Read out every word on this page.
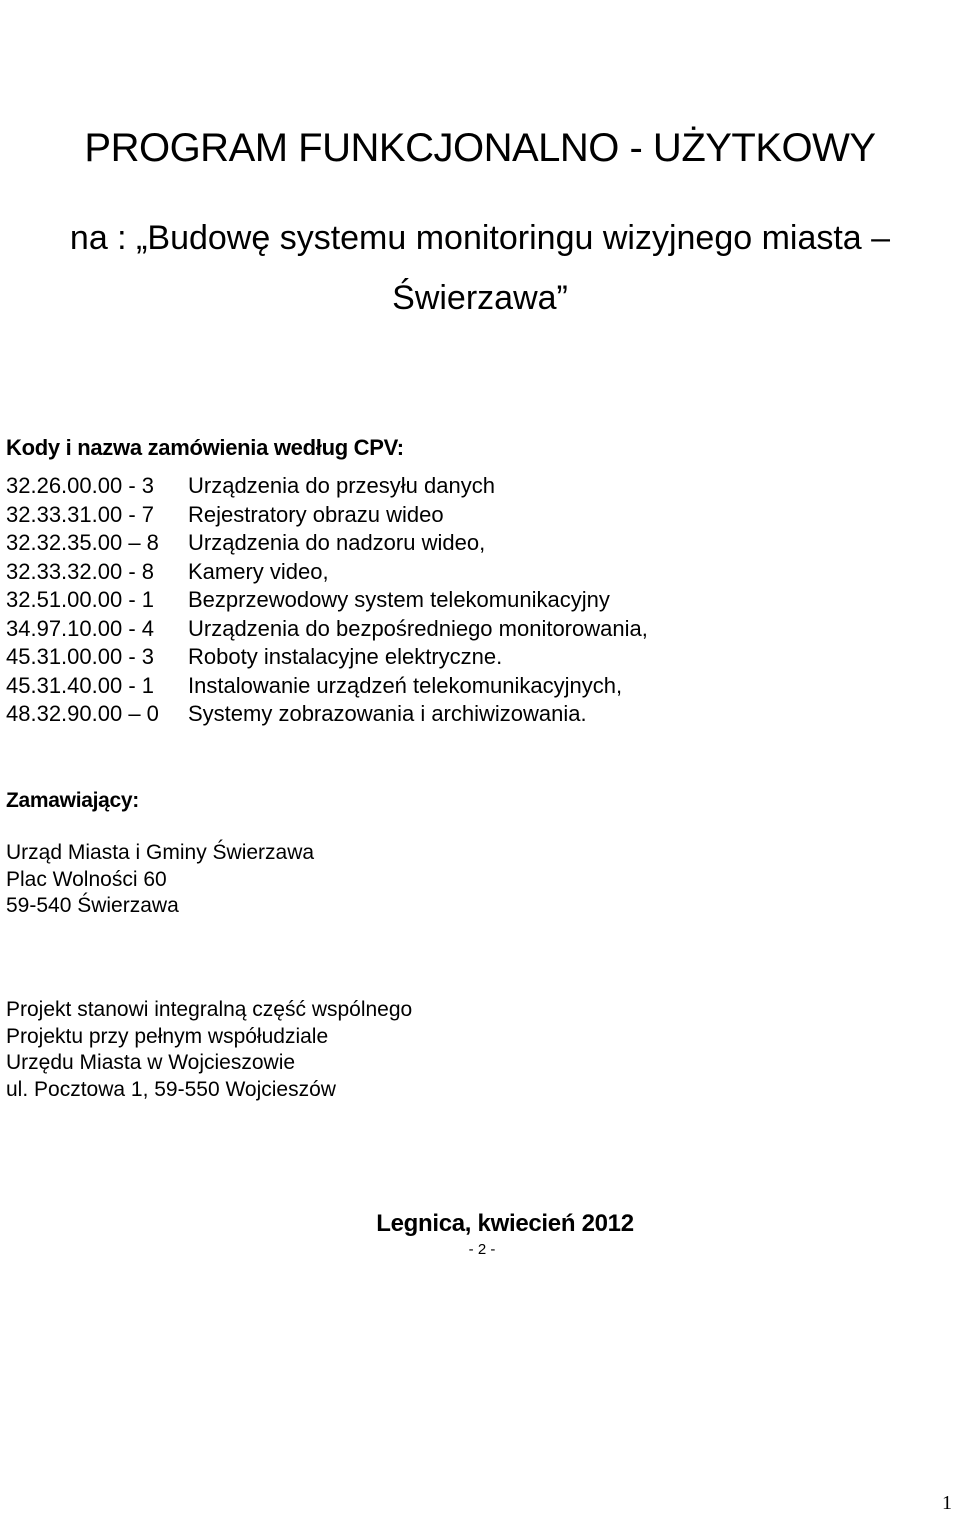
PROGRAM FUNKCJONALNO - UŻYTKOWY
na : „Budowę systemu monitoringu wizyjnego miasta –
Świerzawa”
Kody i nazwa zamówienia według CPV:
32.26.00.00 - 3	Urządzenia do przesyłu danych
32.33.31.00 - 7	Rejestratory obrazu wideo
32.32.35.00 – 8	Urządzenia do nadzoru wideo,
32.33.32.00 - 8	Kamery video,
32.51.00.00 - 1	Bezprzewodowy system telekomunikacyjny
34.97.10.00 - 4	Urządzenia do bezpośredniego monitorowania,
45.31.00.00 - 3	Roboty instalacyjne elektryczne.
45.31.40.00 - 1	Instalowanie urządzeń telekomunikacyjnych,
48.32.90.00 – 0	Systemy zobrazowania i archiwizowania.
Zamawiający:
Urząd Miasta i Gminy Świerzawa
Plac Wolności 60
59-540 Świerzawa
Projekt stanowi integralną część wspólnego
Projektu przy pełnym współudziale
Urzędu Miasta w Wojcieszowie
ul. Pocztowa 1, 59-550 Wojcieszów
Legnica, kwiecień 2012
- 2 -
1
